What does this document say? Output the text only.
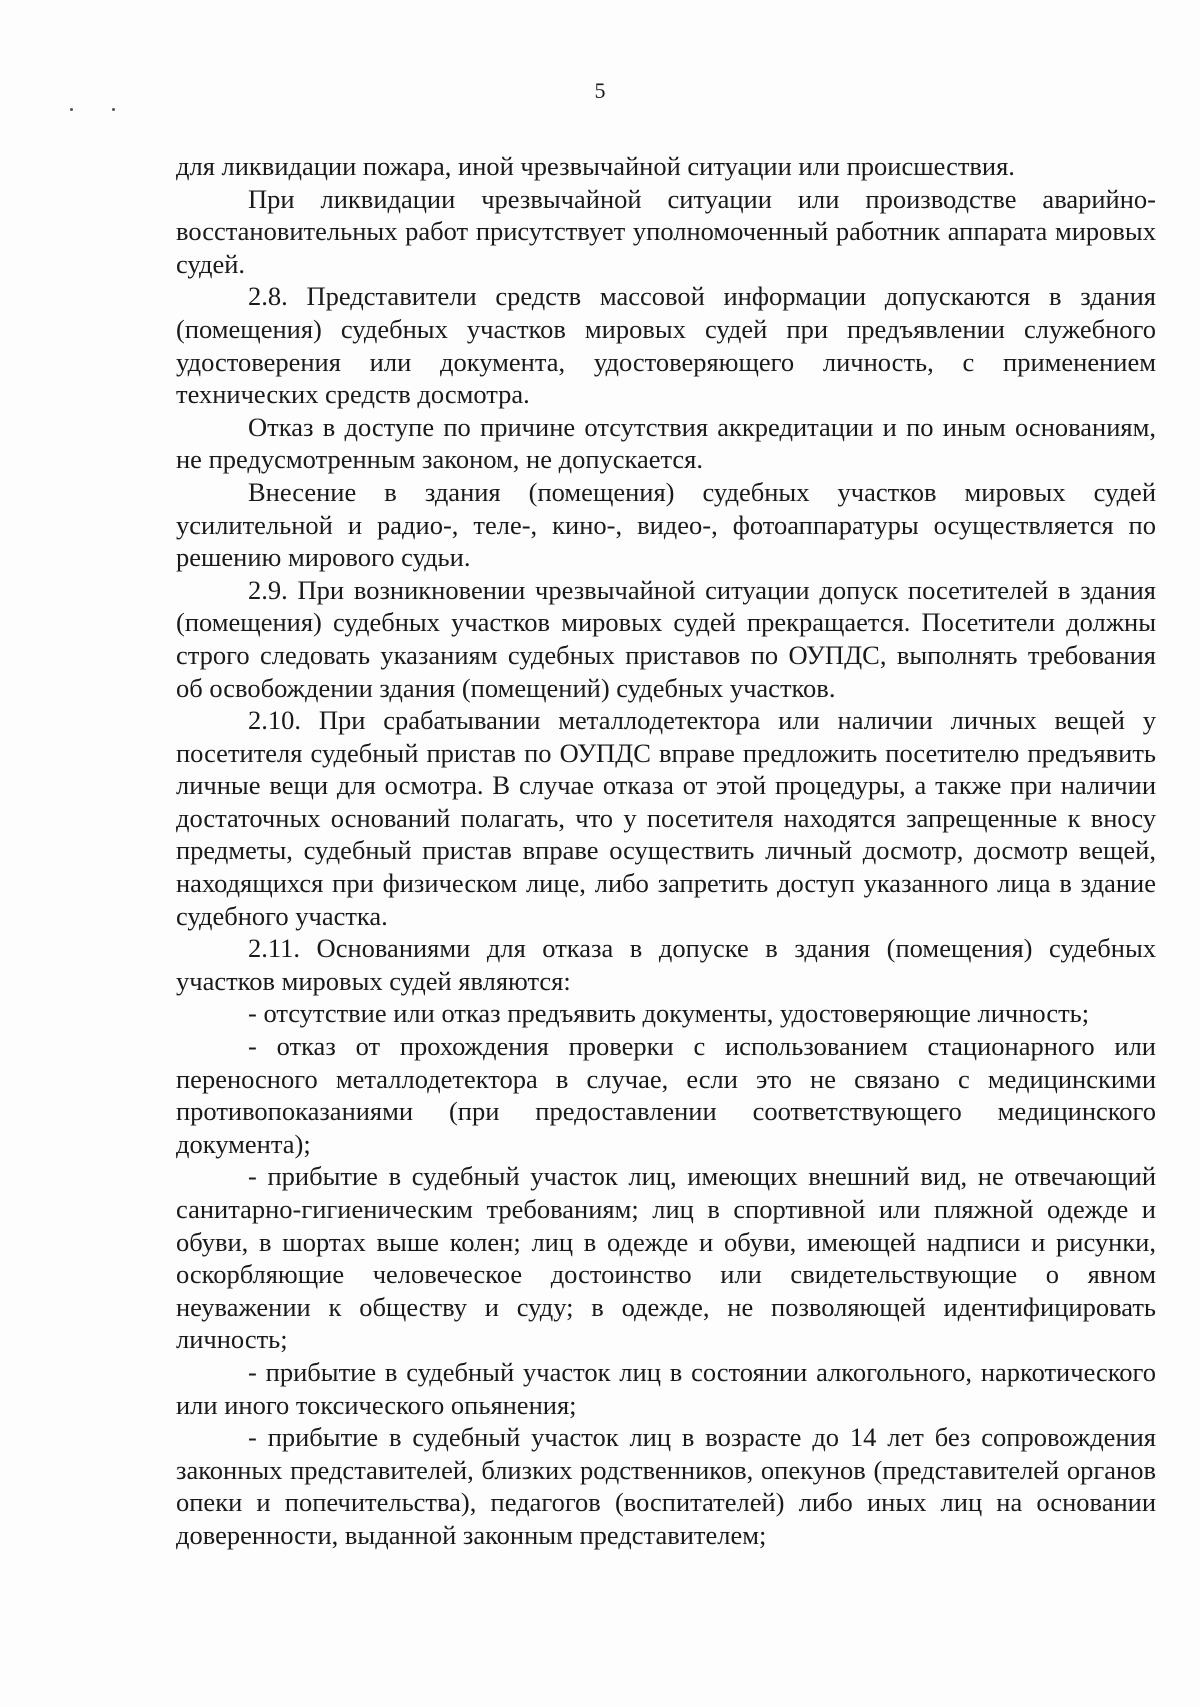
5

для ликвидации пожара, иной чрезвычайной ситуации или происшествия.

При ликвидации чрезвычайной ситуации или производстве аварийно-восстановительных работ присутствует уполномоченный работник аппарата мировых судей.

2.8. Представители средств массовой информации допускаются в здания (помещения) судебных участков мировых судей при предъявлении служебного удостоверения или документа, удостоверяющего личность, с применением технических средств досмотра.

Отказ в доступе по причине отсутствия аккредитации и по иным основаниям, не предусмотренным законом, не допускается.

Внесение в здания (помещения) судебных участков мировых судей усилительной и радио-, теле-, кино-, видео-, фотоаппаратуры осуществляется по решению мирового судьи.

2.9. При возникновении чрезвычайной ситуации допуск посетителей в здания (помещения) судебных участков мировых судей прекращается. Посетители должны строго следовать указаниям судебных приставов по ОУПДС, выполнять требования об освобождении здания (помещений) судебных участков.

2.10. При срабатывании металлодетектора или наличии личных вещей у посетителя судебный пристав по ОУПДС вправе предложить посетителю предъявить личные вещи для осмотра. В случае отказа от этой процедуры, а также при наличии достаточных оснований полагать, что у посетителя находятся запрещенные к вносу предметы, судебный пристав вправе осуществить личный досмотр, досмотр вещей, находящихся при физическом лице, либо запретить доступ указанного лица в здание судебного участка.

2.11. Основаниями для отказа в допуске в здания (помещения) судебных участков мировых судей являются:

- отсутствие или отказ предъявить документы, удостоверяющие личность;

- отказ от прохождения проверки с использованием стационарного или переносного металлодетектора в случае, если это не связано с медицинскими противопоказаниями (при предоставлении соответствующего медицинского документа);

- прибытие в судебный участок лиц, имеющих внешний вид, не отвечающий санитарно-гигиеническим требованиям; лиц в спортивной или пляжной одежде и обуви, в шортах выше колен; лиц в одежде и обуви, имеющей надписи и рисунки, оскорбляющие человеческое достоинство или свидетельствующие о явном неуважении к обществу и суду; в одежде, не позволяющей идентифицировать личность;

- прибытие в судебный участок лиц в состоянии алкогольного, наркотического или иного токсического опьянения;

- прибытие в судебный участок лиц в возрасте до 14 лет без сопровождения законных представителей, близких родственников, опекунов (представителей органов опеки и попечительства), педагогов (воспитателей) либо иных лиц на основании доверенности, выданной законным представителем;
